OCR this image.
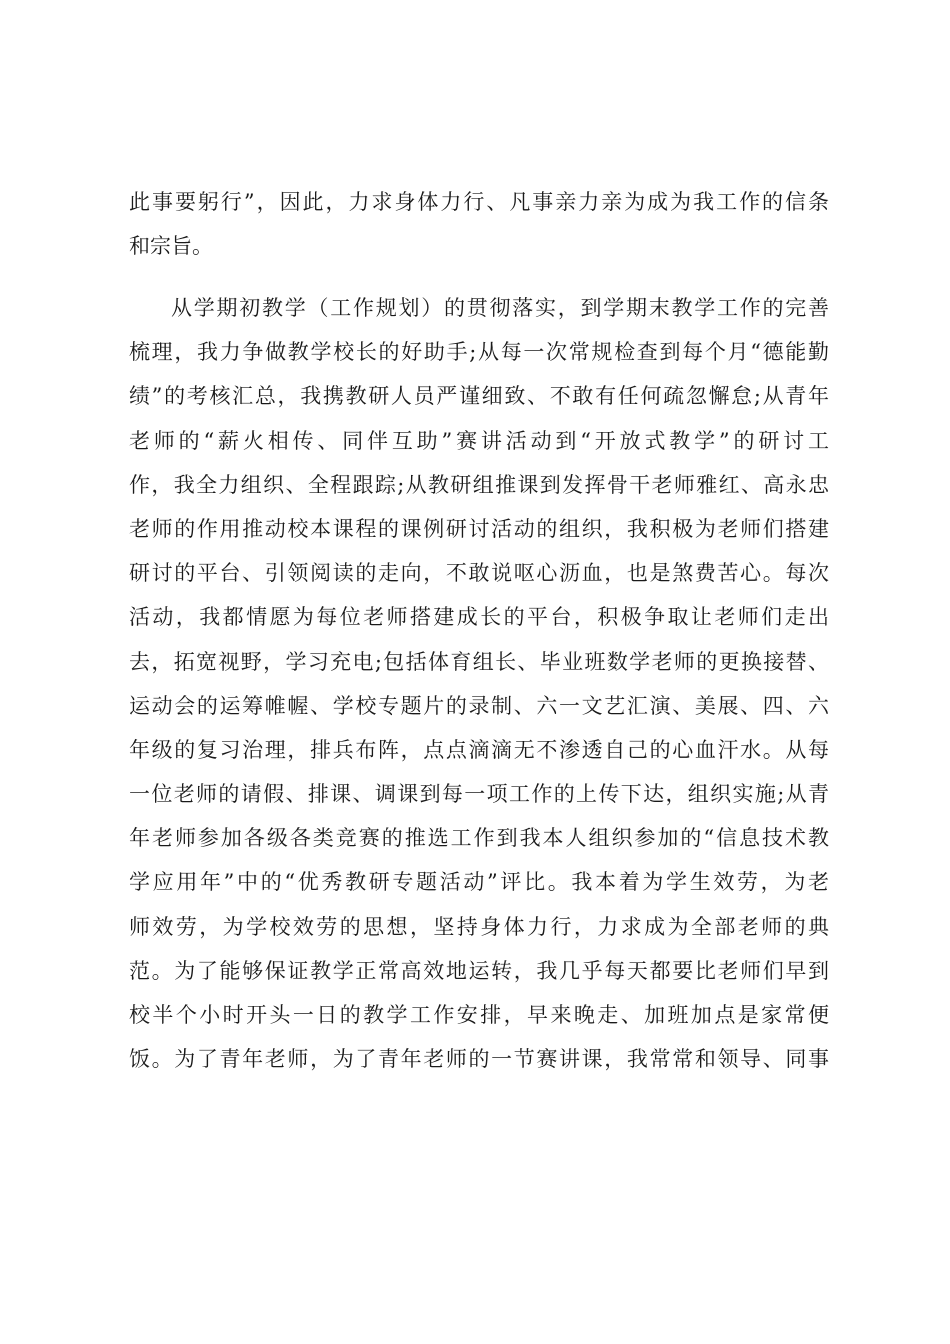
此事要躬行”，因此，力求身体力行、凡事亲力亲为成为我工作的信条
和宗旨。
从学期初教学（工作规划）的贯彻落实，到学期末教学工作的完善
梳理，我力争做教学校长的好助手;从每一次常规检查到每个月“德能勤
绩”的考核汇总，我携教研人员严谨细致、不敢有任何疏忽懈怠;从青年
老师的“薪火相传、同伴互助”赛讲活动到“开放式教学”的研讨工
作，我全力组织、全程跟踪;从教研组推课到发挥骨干老师雅红、高永忠
老师的作用推动校本课程的课例研讨活动的组织，我积极为老师们搭建
研讨的平台、引领阅读的走向，不敢说呕心沥血，也是煞费苦心。每次
活动，我都情愿为每位老师搭建成长的平台，积极争取让老师们走出
去，拓宽视野，学习充电;包括体育组长、毕业班数学老师的更换接替、
运动会的运筹帷幄、学校专题片的录制、六一文艺汇演、美展、四、六
年级的复习治理，排兵布阵，点点滴滴无不渗透自己的心血汗水。从每
一位老师的请假、排课、调课到每一项工作的上传下达，组织实施;从青
年老师参加各级各类竞赛的推选工作到我本人组织参加的“信息技术教
学应用年”中的“优秀教研专题活动”评比。我本着为学生效劳，为老
师效劳，为学校效劳的思想，坚持身体力行，力求成为全部老师的典
范。为了能够保证教学正常高效地运转，我几乎每天都要比老师们早到
校半个小时开头一日的教学工作安排，早来晚走、加班加点是家常便
饭。为了青年老师，为了青年老师的一节赛讲课，我常常和领导、同事
